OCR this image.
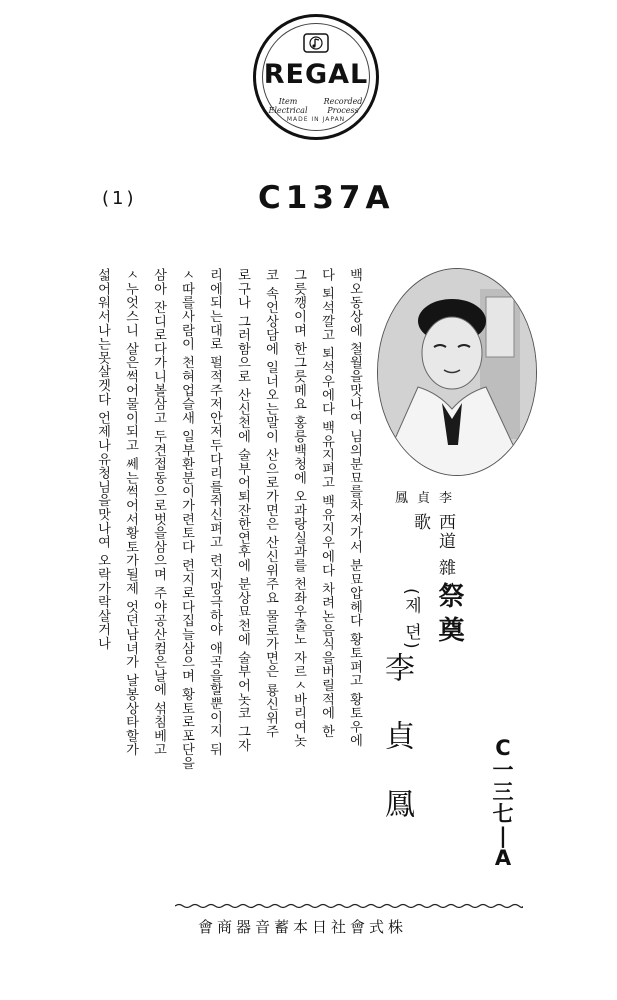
REGAL
Item Electrical
Recorded Process
MADE IN JAPAN
(1)	C137A
백오동상에 철월을맛나여 님의분묘를차저가서 분묘압헤다 황토펴고 황토우에
다 퇴석깔고 퇴석우에다 백유지펴고 백유지우에다 차려논음식을버릴적에 한
그릇깽이며 한그릇메요 홍릉백청에 오과랑실과를 천좌우출노 자르ㅅ바리여놋
코 속언상담에 일너오는말이 산으로가면은 산신위주요 물로가면은 룡신위주
로구나 그러함으로 산신천에 술부어퇴잔한연후에 분상묘천에 술부어놋코 그자
리에되는대로 펄적주저안저두다리를쥐신펴고 련지망극하야 애곡을할뿐이지 뒤
ㅅ따를사람이 천혀업슬새 일부환분이가련토다 련지로다집늘삼으며 황토로포단을
삼아 잔디로다가니볼삼고 두견접동으로벗을삼으며 주야공산컴은날에 섞침베고
ㅅ누엇스니 살은썩어물이되고 쎄는썩어서황토가될제 엇던남녀가 날봉상타할가
섧어워서나는못살겟다 언제나유청님을맛나여 오락가락살거나	李貞鳳
西道 雜歌
祭奠
(제 뎐)
李貞鳳	C
一
三
七
|
A
株式會社日本蓄音器商會
